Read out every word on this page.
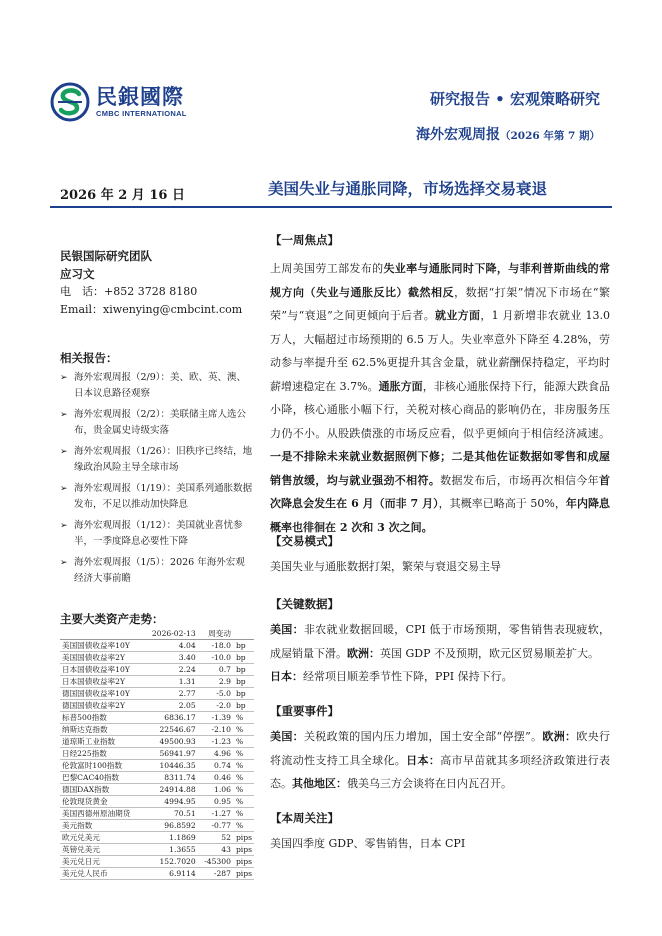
民銀國際
CMBC INTERNATIONAL
研究报告 • 宏观策略研究
海外宏观周报（2026 年第 7 期）
2026 年 2 月 16 日	美国失业与通胀同降，市场选择交易衰退
民银国际研究团队
应习文
电　话：+852 3728 8180
Email：xiwenying@cmbcint.com
相关报告：
➢ 海外宏观周报（2/9）：美、欧、英、澳、日本议息路径观察
➢ 海外宏观周报（2/2）：美联储主席人选公布，贵金属史诗级实落
➢ 海外宏观周报（1/26）：旧秩序已终结，地缘政治风险主导全球市场
➢ 海外宏观周报（1/19）：美国系列通胀数据发布，不足以推动加快降息
➢ 海外宏观周报（1/12）：美国就业喜忧参半，一季度降息必要性下降
➢ 海外宏观周报（1/5）：2026 年海外宏观经济大事前瞻
主要大类资产走势：
	2026-02-13	周变动	
美国国债收益率10Y	4.04	-18.0	bp
美国国债收益率2Y	3.40	-10.0	bp
日本国债收益率10Y	2.24	0.7	bp
日本国债收益率2Y	1.31	2.9	bp
德国国债收益率10Y	2.77	-5.0	bp
德国国债收益率2Y	2.05	-2.0	bp
标普500指数	6836.17	-1.39	%
纳斯达克指数	22546.67	-2.10	%
道琼斯工业指数	49500.93	-1.23	%
日经225指数	56941.97	4.96	%
伦敦富时100指数	10446.35	0.74	%
巴黎CAC40指数	8311.74	0.46	%
德国DAX指数	24914.88	1.06	%
伦敦现货黄金	4994.95	0.95	%
美国西德州原油期货	70.51	-1.27	%
美元指数	96.8592	-0.77	%
欧元兑美元	1.1869	52	pips
英镑兑美元	1.3655	43	pips
美元兑日元	152.7020	-45300	pips
美元兑人民币	6.9114	-287	pips
【一周焦点】

上周美国劳工部发布的失业率与通胀同时下降，与菲利普斯曲线的常规方向（失业与通胀反比）截然相反，数据“打架”情况下市场在“繁荣”与“衰退”之间更倾向于后者。就业方面，1 月新增非农就业 13.0 万人，大幅超过市场预期的 6.5 万人。失业率意外下降至 4.28%，劳动参与率提升至 62.5%更提升其含金量，就业薪酬保持稳定，平均时薪增速稳定在 3.7%。通胀方面，非核心通胀保持下行，能源大跌食品小降，核心通胀小幅下行，关税对核心商品的影响仍在，非房服务压力仍不小。从股跌债涨的市场反应看，似乎更倾向于相信经济减速。一是不排除未来就业数据照例下修；二是其他佐证数据如零售和成屋销售放缓，均与就业强劲不相符。数据发布后，市场再次相信今年首次降息会发生在 6 月（而非 7 月），其概率已略高于 50%，年内降息概率也徘徊在 2 次和 3 次之间。

【交易模式】

美国失业与通胀数据打架，繁荣与衰退交易主导

【关键数据】

美国：非农就业数据回暖，CPI 低于市场预期，零售销售表现疲软，成屋销量下滑。欧洲：英国 GDP 不及预期，欧元区贸易顺差扩大。
日本：经常项目顺差季节性下降，PPI 保持下行。

【重要事件】

美国：关税政策的国内压力增加，国土安全部“停摆”。欧洲：欧央行将流动性支持工具全球化。日本：高市早苗就其多项经济政策进行表态。其他地区：俄美乌三方会谈将在日内瓦召开。

【本周关注】

美国四季度 GDP、零售销售，日本 CPI
